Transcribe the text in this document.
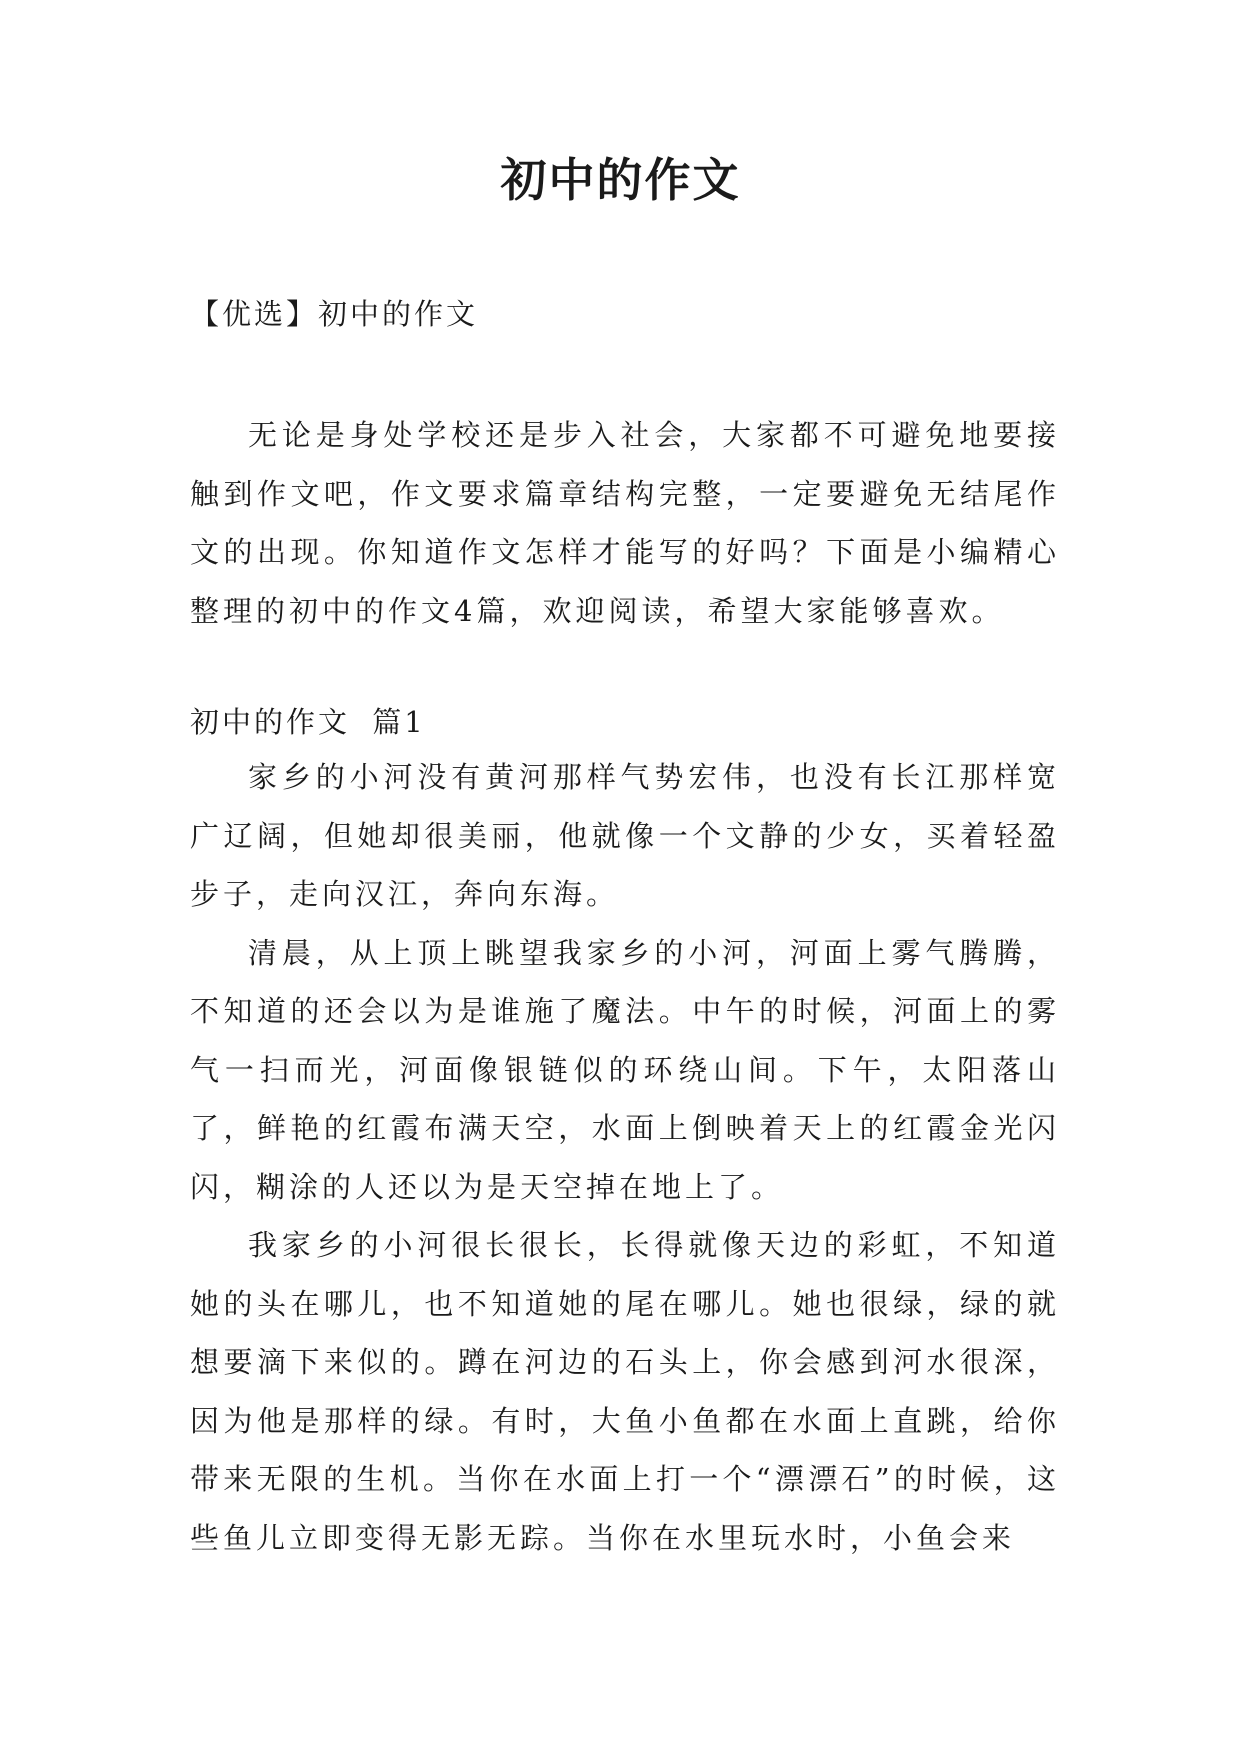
初中的作文
【优选】初中的作文

无论是身处学校还是步入社会，大家都不可避免地要接触到作文吧，作文要求篇章结构完整，一定要避免无结尾作文的出现。你知道作文怎样才能写的好吗？下面是小编精心整理的初中的作文4篇，欢迎阅读，希望大家能够喜欢。

初中的作文 篇1

家乡的小河没有黄河那样气势宏伟，也没有长江那样宽广辽阔，但她却很美丽，他就像一个文静的少女，买着轻盈步子，走向汉江，奔向东海。

清晨，从上顶上眺望我家乡的小河，河面上雾气腾腾，不知道的还会以为是谁施了魔法。中午的时候，河面上的雾气一扫而光，河面像银链似的环绕山间。下午，太阳落山了，鲜艳的红霞布满天空，水面上倒映着天上的红霞金光闪闪，糊涂的人还以为是天空掉在地上了。

我家乡的小河很长很长，长得就像天边的彩虹，不知道她的头在哪儿，也不知道她的尾在哪儿。她也很绿，绿的就想要滴下来似的。蹲在河边的石头上，你会感到河水很深，因为他是那样的绿。有时，大鱼小鱼都在水面上直跳，给你带来无限的生机。当你在水面上打一个“漂漂石”的时候，这些鱼儿立即变得无影无踪。当你在水里玩水时，小鱼会来
